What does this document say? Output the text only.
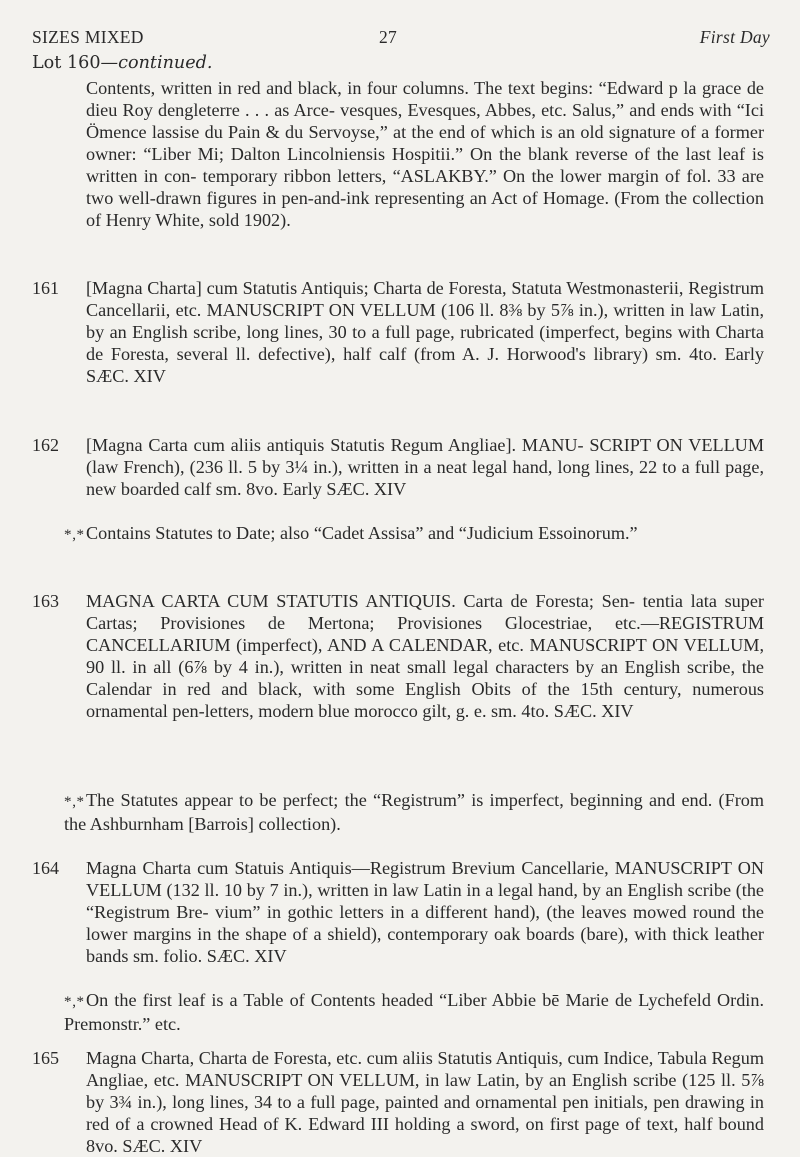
SIZES MIXED	27	First Day
Lot 160—continued.
Contents, written in red and black, in four columns. The text begins: “Edward p la grace de dieu Roy dengleterre . . . as Arce- vesques, Evesques, Abbes, etc. Salus,” and ends with “Ici Ömence lassise du Pain & du Servoyse,” at the end of which is an old signature of a former owner: “Liber Mi; Dalton Lincolniensis Hospitii.” On the blank reverse of the last leaf is written in con- temporary ribbon letters, “ASLAKBY.” On the lower margin of fol. 33 are two well-drawn figures in pen-and-ink representing an Act of Homage. (From the collection of Henry White, sold 1902).
161 [Magna Charta] cum Statutis Antiquis; Charta de Foresta, Statuta Westmonasterii, Registrum Cancellarii, etc. MANUSCRIPT ON VELLUM (106 ll. 8⅜ by 5⅞ in.), written in law Latin, by an English scribe, long lines, 30 to a full page, rubricated (imperfect, begins with Charta de Foresta, several ll. defective), half calf (from A. J. Horwood's library) sm. 4to. Early SÆC. XIV
162 [Magna Carta cum aliis antiquis Statutis Regum Angliae]. MANU- SCRIPT ON VELLUM (law French), (236 ll. 5 by 3¼ in.), written in a neat legal hand, long lines, 22 to a full page, new boarded calf sm. 8vo. Early SÆC. XIV
*‚* Contains Statutes to Date; also “Cadet Assisa” and “Judicium Essoinorum.”
163 MAGNA CARTA CUM STATUTIS ANTIQUIS. Carta de Foresta; Sen- tentia lata super Cartas; Provisiones de Mertona; Provisiones Glocestriae, etc.—REGISTRUM CANCELLARIUM (imperfect), AND A CALENDAR, etc. MANUSCRIPT ON VELLUM, 90 ll. in all (6⅞ by 4 in.), written in neat small legal characters by an English scribe, the Calendar in red and black, with some English Obits of the 15th century, numerous ornamental pen-letters, modern blue morocco gilt, g. e. sm. 4to. SÆC. XIV
*‚* The Statutes appear to be perfect; the “Registrum” is imperfect, beginning and end. (From the Ashburnham [Barrois] collection).
164 Magna Charta cum Statuis Antiquis—Registrum Brevium Cancellarie, MANUSCRIPT ON VELLUM (132 ll. 10 by 7 in.), written in law Latin in a legal hand, by an English scribe (the “Registrum Bre- vium” in gothic letters in a different hand), (the leaves mowed round the lower margins in the shape of a shield), contemporary oak boards (bare), with thick leather bands sm. folio. SÆC. XIV
*‚* On the first leaf is a Table of Contents headed “Liber Abbie bē Marie de Lychefeld Ordin. Premonstr.” etc.
165 Magna Charta, Charta de Foresta, etc. cum aliis Statutis Antiquis, cum Indice, Tabula Regum Angliae, etc. MANUSCRIPT ON VELLUM, in law Latin, by an English scribe (125 ll. 5⅞ by 3¾ in.), long lines, 34 to a full page, painted and ornamental pen initials, pen drawing in red of a crowned Head of K. Edward III holding a sword, on first page of text, half bound 8vo. SÆC. XIV
